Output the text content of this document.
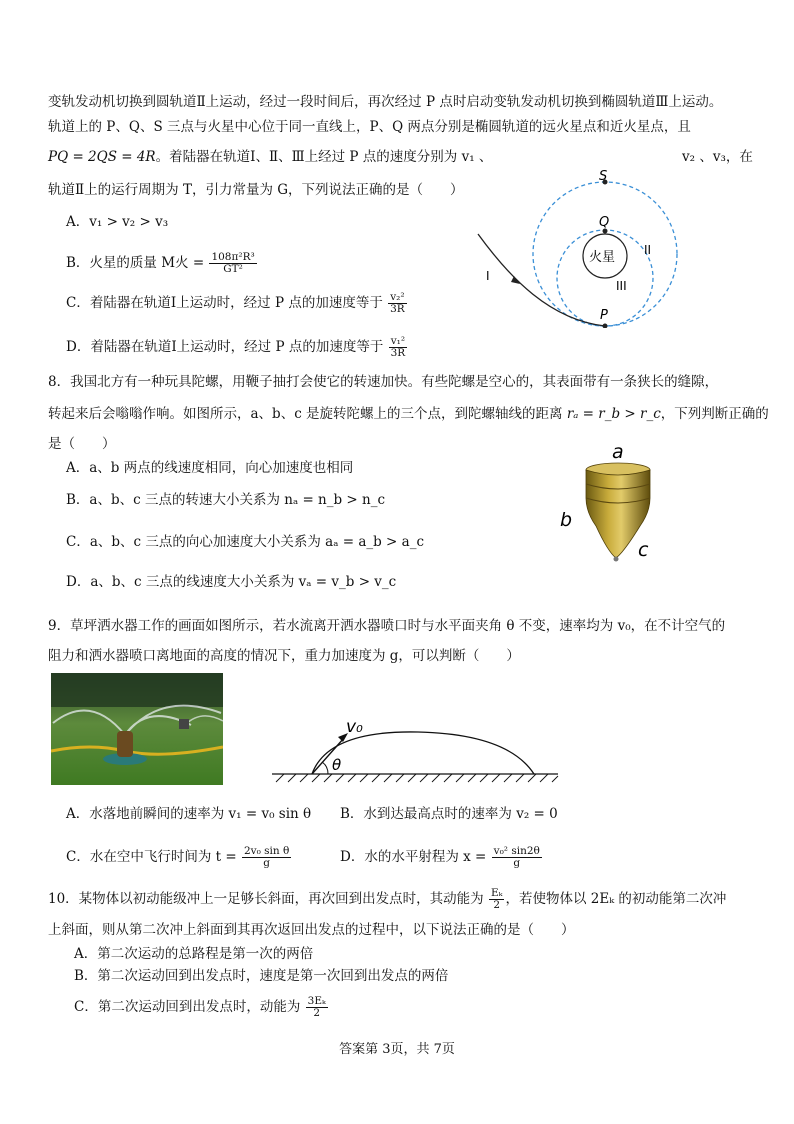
变轨发动机切换到圆轨道Ⅱ上运动，经过一段时间后，再次经过 P 点时启动变轨发动机切换到椭圆轨道Ⅲ上运动。
轨道上的 P、Q、S 三点与火星中心位于同一直线上，P、Q 两点分别是椭圆轨道的远火星点和近火星点，且
PQ = 2QS = 4R。着陆器在轨道Ⅰ、Ⅱ、Ⅲ上经过 P 点的速度分别为 v₁ 、	v₂ 、v₃，在
轨道Ⅱ上的运行周期为 T，引力常量为 G，下列说法正确的是（　　）
A．v₁ > v₂ > v₃
B．火星的质量 M火 = $\frac{\text{108π²R³}}{\text{GT²}}$
C．着陆器在轨道Ⅰ上运动时，经过 P 点的加速度等于 $\frac{\text{v₂²}}{3R}$
D．着陆器在轨道Ⅰ上运动时，经过 P 点的加速度等于 $\frac{\text{v₁²}}{3R}$
S
Q
P
火星
I
II
III
8．我国北方有一种玩具陀螺，用鞭子抽打会使它的转速加快。有些陀螺是空心的，其表面带有一条狭长的缝隙，
转起来后会嗡嗡作响。如图所示，a、b、c 是旋转陀螺上的三个点，到陀螺轴线的距离 rₐ = r_b > r_c，下列判断正确的
是（　　）
A．a、b 两点的线速度相同，向心加速度也相同
B．a、b、c 三点的转速大小关系为 nₐ = n_b > n_c
C．a、b、c 三点的向心加速度大小关系为 aₐ = a_b > a_c
D．a、b、c 三点的线速度大小关系为 vₐ = v_b > v_c
a
b
c
9．草坪洒水器工作的画面如图所示，若水流离开洒水器喷口时与水平面夹角 θ 不变，速率均为 v₀，在不计空气的
阻力和洒水器喷口离地面的高度的情况下，重力加速度为 g，可以判断（　　）
v₀
θ
A．水落地前瞬间的速率为 v₁ = v₀ sin θ B．水到达最高点时的速率为 v₂ = 0
C．水在空中飞行时间为 $t = \frac{\text{2v₀ sin θ}}{g}$	D．水的水平射程为 $x = \frac{\text{v₀² sin2θ}}{g}$
10．某物体以初动能级冲上一足够长斜面，再次回到出发点时，其动能为 $\frac{\text{Eₖ}}{2}$ ，若使物体以 2Eₖ 的初动能第二次冲
上斜面，则从第二次冲上斜面到其再次返回出发点的过程中，以下说法正确的是（　　）
A．第二次运动的总路程是第一次的两倍
B．第二次运动回到出发点时，速度是第一次回到出发点的两倍
C．第二次运动回到出发点时，动能为 $\frac{\text{3Eₖ}}{2}$
答案第 3页，共 7页
